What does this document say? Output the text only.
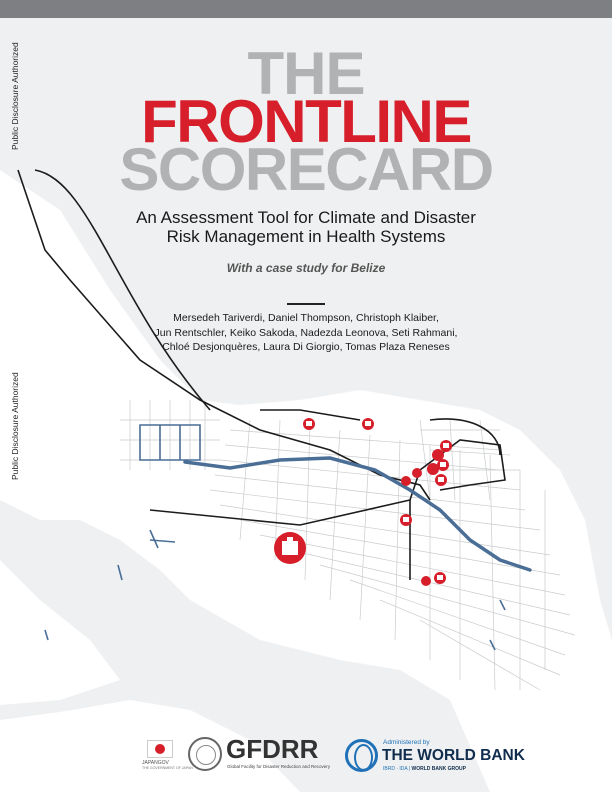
Public Disclosure Authorized
Public Disclosure Authorized
THE
FRONTLINE
SCORECARD
An Assessment Tool for Climate and Disaster
Risk Management in Health Systems
With a case study for Belize
Mersedeh Tariverdi, Daniel Thompson, Christoph Klaiber,
Jun Rentschler, Keiko Sakoda, Nadezda Leonova, Seti Rahmani,
Chloé Desjonquères, Laura Di Giorgio, Tomas Plaza Reneses
JAPANGOV
THE GOVERNMENT OF JAPAN
GFDRR
Global Facility for Disaster Reduction and Recovery
Administered by
THE WORLD BANK
IBRD · IDA | WORLD BANK GROUP
